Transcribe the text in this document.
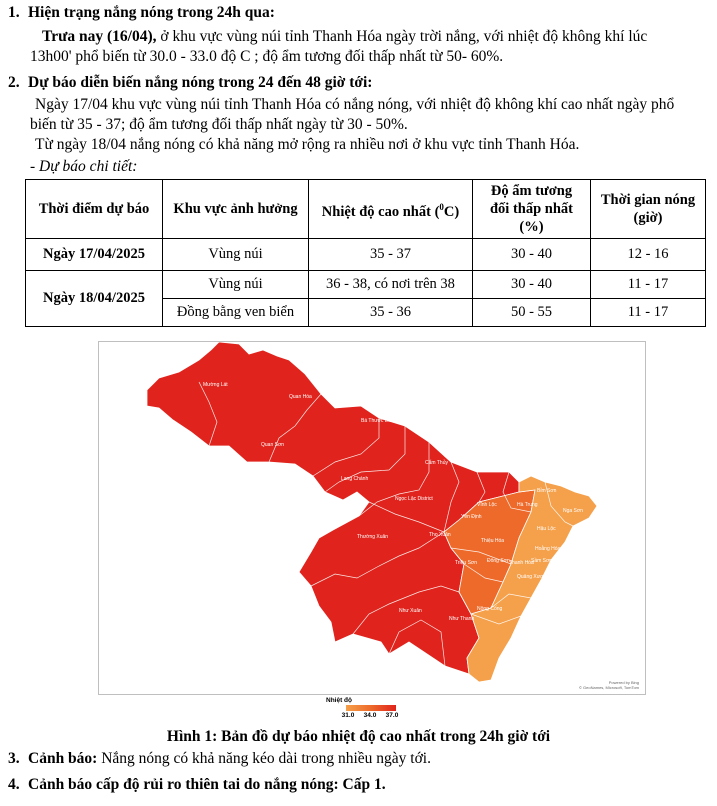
1. Hiện trạng nắng nóng trong 24h qua:
Trưa nay (16/04), ở khu vực vùng núi tỉnh Thanh Hóa ngày trời nắng, với nhiệt độ không khí lúc
13h00' phổ biến từ 30.0 - 33.0 độ C ; độ ẩm tương đối thấp nhất từ 50- 60%.
2. Dự báo diễn biến nắng nóng trong 24 đến 48 giờ tới:
Ngày 17/04 khu vực vùng núi tỉnh Thanh Hóa có nắng nóng, với nhiệt độ không khí cao nhất ngày phổ
biến từ 35 - 37; độ ẩm tương đối thấp nhất ngày từ 30 - 50%.
Từ ngày 18/04 nắng nóng có khả năng mở rộng ra nhiều nơi ở khu vực tỉnh Thanh Hóa.
- Dự báo chi tiết:
Thời điểm dự báo	Khu vực ảnh hưởng	Nhiệt độ cao nhất ($^0$C)	Độ ẩm tương
đối thấp nhất
(%)	Thời gian nóng
(giờ)
Ngày 17/04/2025	Vùng núi	35 - 37	30 - 40	12 - 16
Ngày 18/04/2025	Vùng núi	36 - 38, có nơi trên 38	30 - 40	11 - 17
	Đồng bằng ven biển	35 - 36	50 - 55	11 - 17
Mường Lát
Quan Hóa
Bá Thước District
Quan Sơn
Cẩm Thủy
Thạch Thành District
Lang Chánh
Ngọc Lặc District
Vĩnh Lộc
Bỉm Sơn
Hà Trung
Nga Sơn
Yên Định
Thường Xuân	Thọ Xuân
Thiệu Hóa
Hậu Lộc
Hoằng Hóa
Thanh Hóa
Triệu Sơn Đông Sơn	Sầm Sơn
Quảng Xương
Như Xuân	Nông Cống
Như Thanh
Tĩnh Gia
Powered by Bing
© GeoNames, Microsoft, TomTom
Nhiệt độ
31.0 34.0 37.0
Hình 1: Bản đồ dự báo nhiệt độ cao nhất trong 24h giờ tới
3. Cảnh báo: Nắng nóng có khả năng kéo dài trong nhiều ngày tới.
4. Cảnh báo cấp độ rủi ro thiên tai do nắng nóng: Cấp 1.
